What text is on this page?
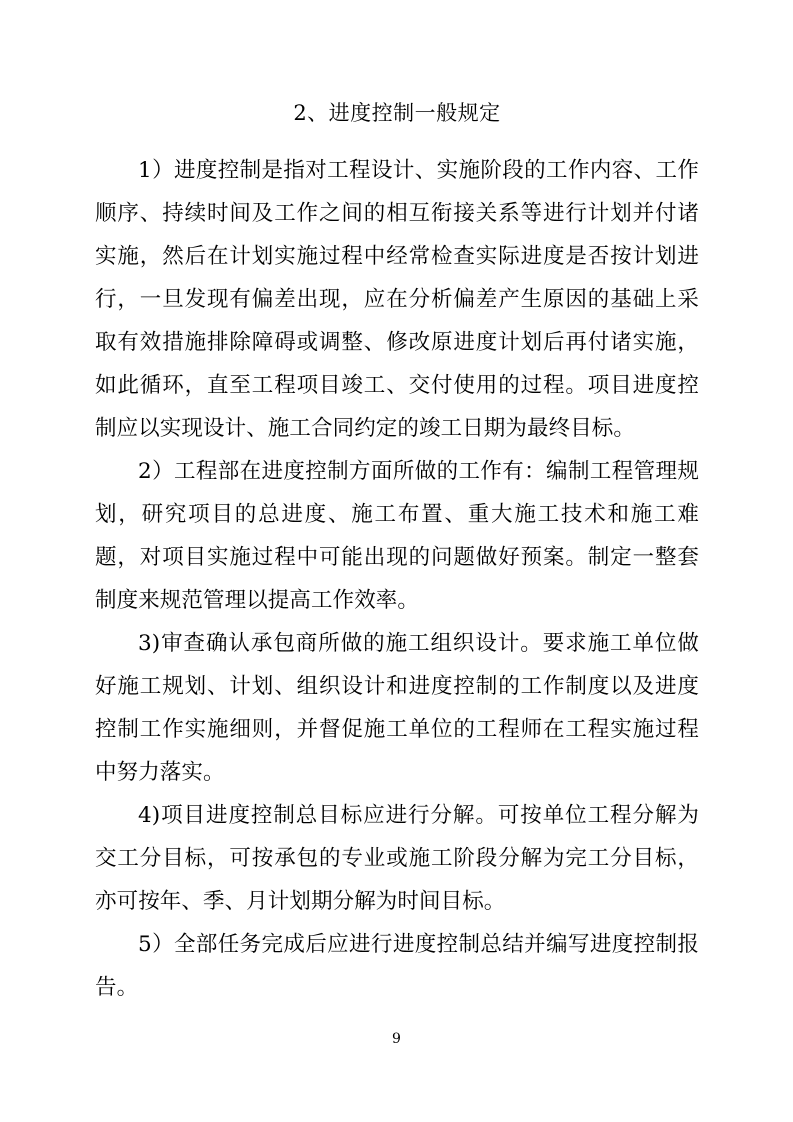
2、进度控制一般规定

1）进度控制是指对工程设计、实施阶段的工作内容、工作顺序、持续时间及工作之间的相互衔接关系等进行计划并付诸实施，然后在计划实施过程中经常检查实际进度是否按计划进行，一旦发现有偏差出现，应在分析偏差产生原因的基础上采取有效措施排除障碍或调整、修改原进度计划后再付诸实施，如此循环，直至工程项目竣工、交付使用的过程。项目进度控制应以实现设计、施工合同约定的竣工日期为最终目标。

2）工程部在进度控制方面所做的工作有：编制工程管理规划，研究项目的总进度、施工布置、重大施工技术和施工难题，对项目实施过程中可能出现的问题做好预案。制定一整套制度来规范管理以提高工作效率。

3)审查确认承包商所做的施工组织设计。要求施工单位做好施工规划、计划、组织设计和进度控制的工作制度以及进度控制工作实施细则，并督促施工单位的工程师在工程实施过程中努力落实。

4)项目进度控制总目标应进行分解。可按单位工程分解为交工分目标，可按承包的专业或施工阶段分解为完工分目标，亦可按年、季、月计划期分解为时间目标。

5）全部任务完成后应进行进度控制总结并编写进度控制报告。

9
